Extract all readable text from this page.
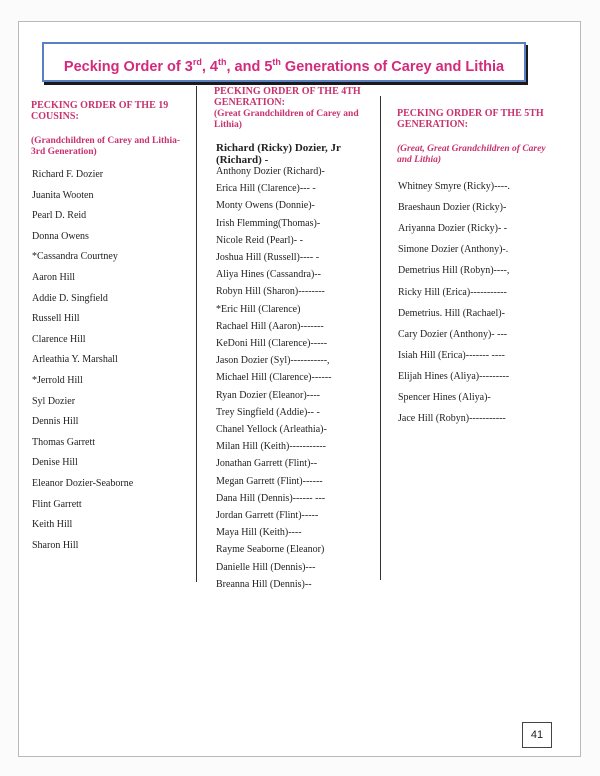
Pecking Order of 3rd, 4th, and 5th Generations of Carey and Lithia
PECKING ORDER OF THE 19 COUSINS:
(Grandchildren of Carey and Lithia-3rd Generation)
Richard F. Dozier
Juanita Wooten
Pearl D. Reid
Donna Owens
*Cassandra Courtney
Aaron Hill
Addie D. Singfield
Russell Hill
Clarence Hill
Arleathia Y. Marshall
*Jerrold Hill
Syl Dozier
Dennis Hill
Thomas Garrett
Denise Hill
Eleanor Dozier-Seaborne
Flint Garrett
Keith Hill
Sharon Hill
PECKING ORDER OF THE 4TH GENERATION:
(Great Grandchildren of Carey and Lithia)
Richard (Ricky) Dozier, Jr (Richard) -
Anthony Dozier (Richard)-
Erica Hill (Clarence)--- -
Monty Owens (Donnie)-
Irish Flemming(Thomas)-
Nicole Reid (Pearl)- -
Joshua Hill (Russell)---- -
Aliya Hines (Cassandra)--
Robyn Hill (Sharon)--------
*Eric Hill (Clarence)
Rachael Hill (Aaron)-------
KeDoni Hill (Clarence)-----
Jason Dozier (Syl)-----------,
Michael Hill (Clarence)------
Ryan Dozier (Eleanor)----
Trey Singfield (Addie)-- -
Chanel Yellock (Arleathia)-
Milan Hill (Keith)-----------
Jonathan Garrett (Flint)--
Megan Garrett (Flint)------
Dana Hill (Dennis)------ ---
Jordan Garrett (Flint)-----
Maya Hill (Keith)----
Rayme Seaborne (Eleanor)
Danielle Hill (Dennis)---
Breanna Hill (Dennis)--
PECKING ORDER OF THE 5TH GENERATION:
(Great, Great Grandchildren of Carey and Lithia)
Whitney Smyre (Ricky)----.
Braeshaun Dozier (Ricky)-
Ariyanna Dozier (Ricky)- -
Simone Dozier (Anthony)-.
Demetrius Hill (Robyn)----,
Ricky Hill (Erica)-----------
Demetrius. Hill (Rachael)-
Cary Dozier (Anthony)- ---
Isiah Hill (Erica)------- ----
Elijah Hines (Aliya)---------
Spencer Hines (Aliya)-
Jace Hill (Robyn)-----------
41
